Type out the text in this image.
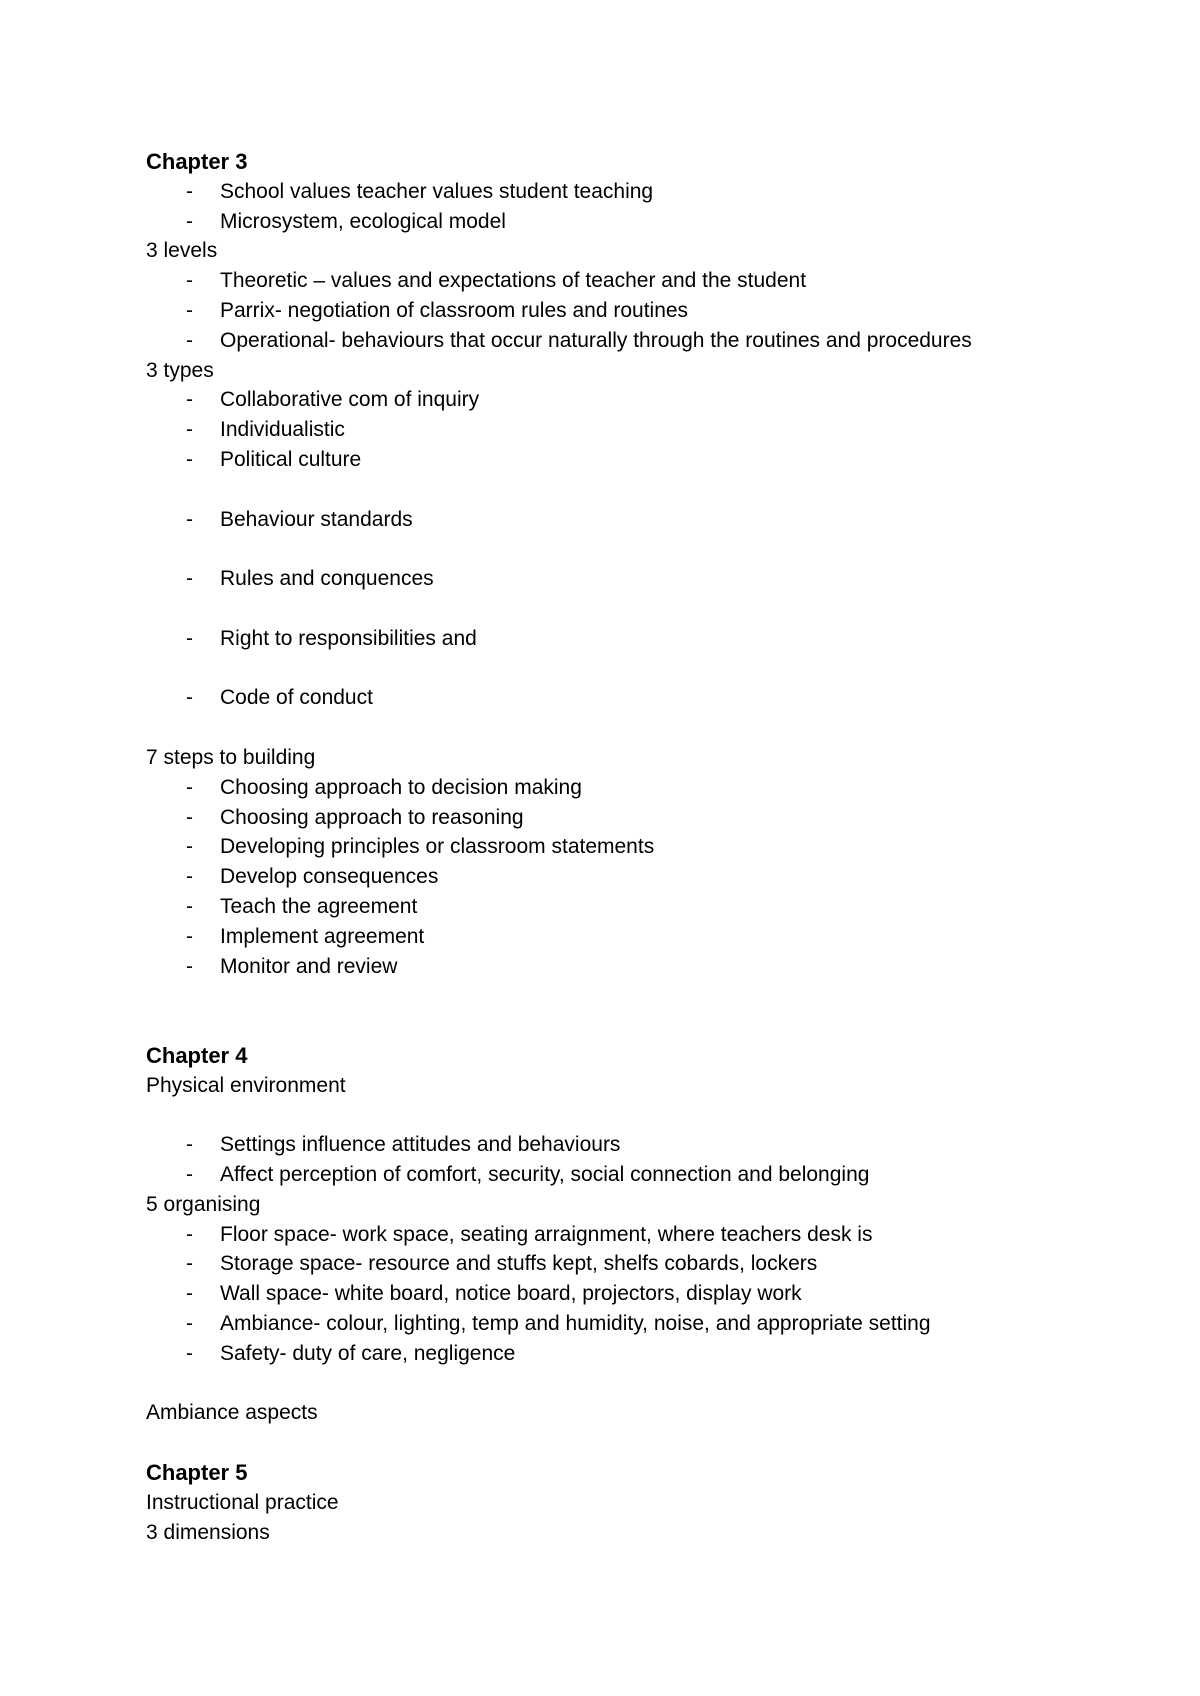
Chapter 3
- School values teacher values student teaching
- Microsystem, ecological model
3 levels
- Theoretic – values and expectations of teacher and the student
- Parrix- negotiation of classroom rules and routines
- Operational- behaviours that occur naturally through the routines and procedures
3 types
- Collaborative com of inquiry
- Individualistic
- Political culture
- Behaviour standards
- Rules and conquences
- Right to responsibilities and
- Code of conduct
7 steps to building
- Choosing approach to decision making
- Choosing approach to reasoning
- Developing principles or classroom statements
- Develop consequences
- Teach the agreement
- Implement agreement
- Monitor and review
Chapter 4
Physical environment
- Settings influence attitudes and behaviours
- Affect perception of comfort, security, social connection and belonging
5 organising
- Floor space- work space, seating arraignment, where teachers desk is
- Storage space- resource and stuffs kept, shelfs cobards, lockers
- Wall space- white board, notice board, projectors, display work
- Ambiance- colour, lighting, temp and humidity, noise, and appropriate setting
- Safety- duty of care, negligence
Ambiance aspects
Chapter 5
Instructional practice
3 dimensions
